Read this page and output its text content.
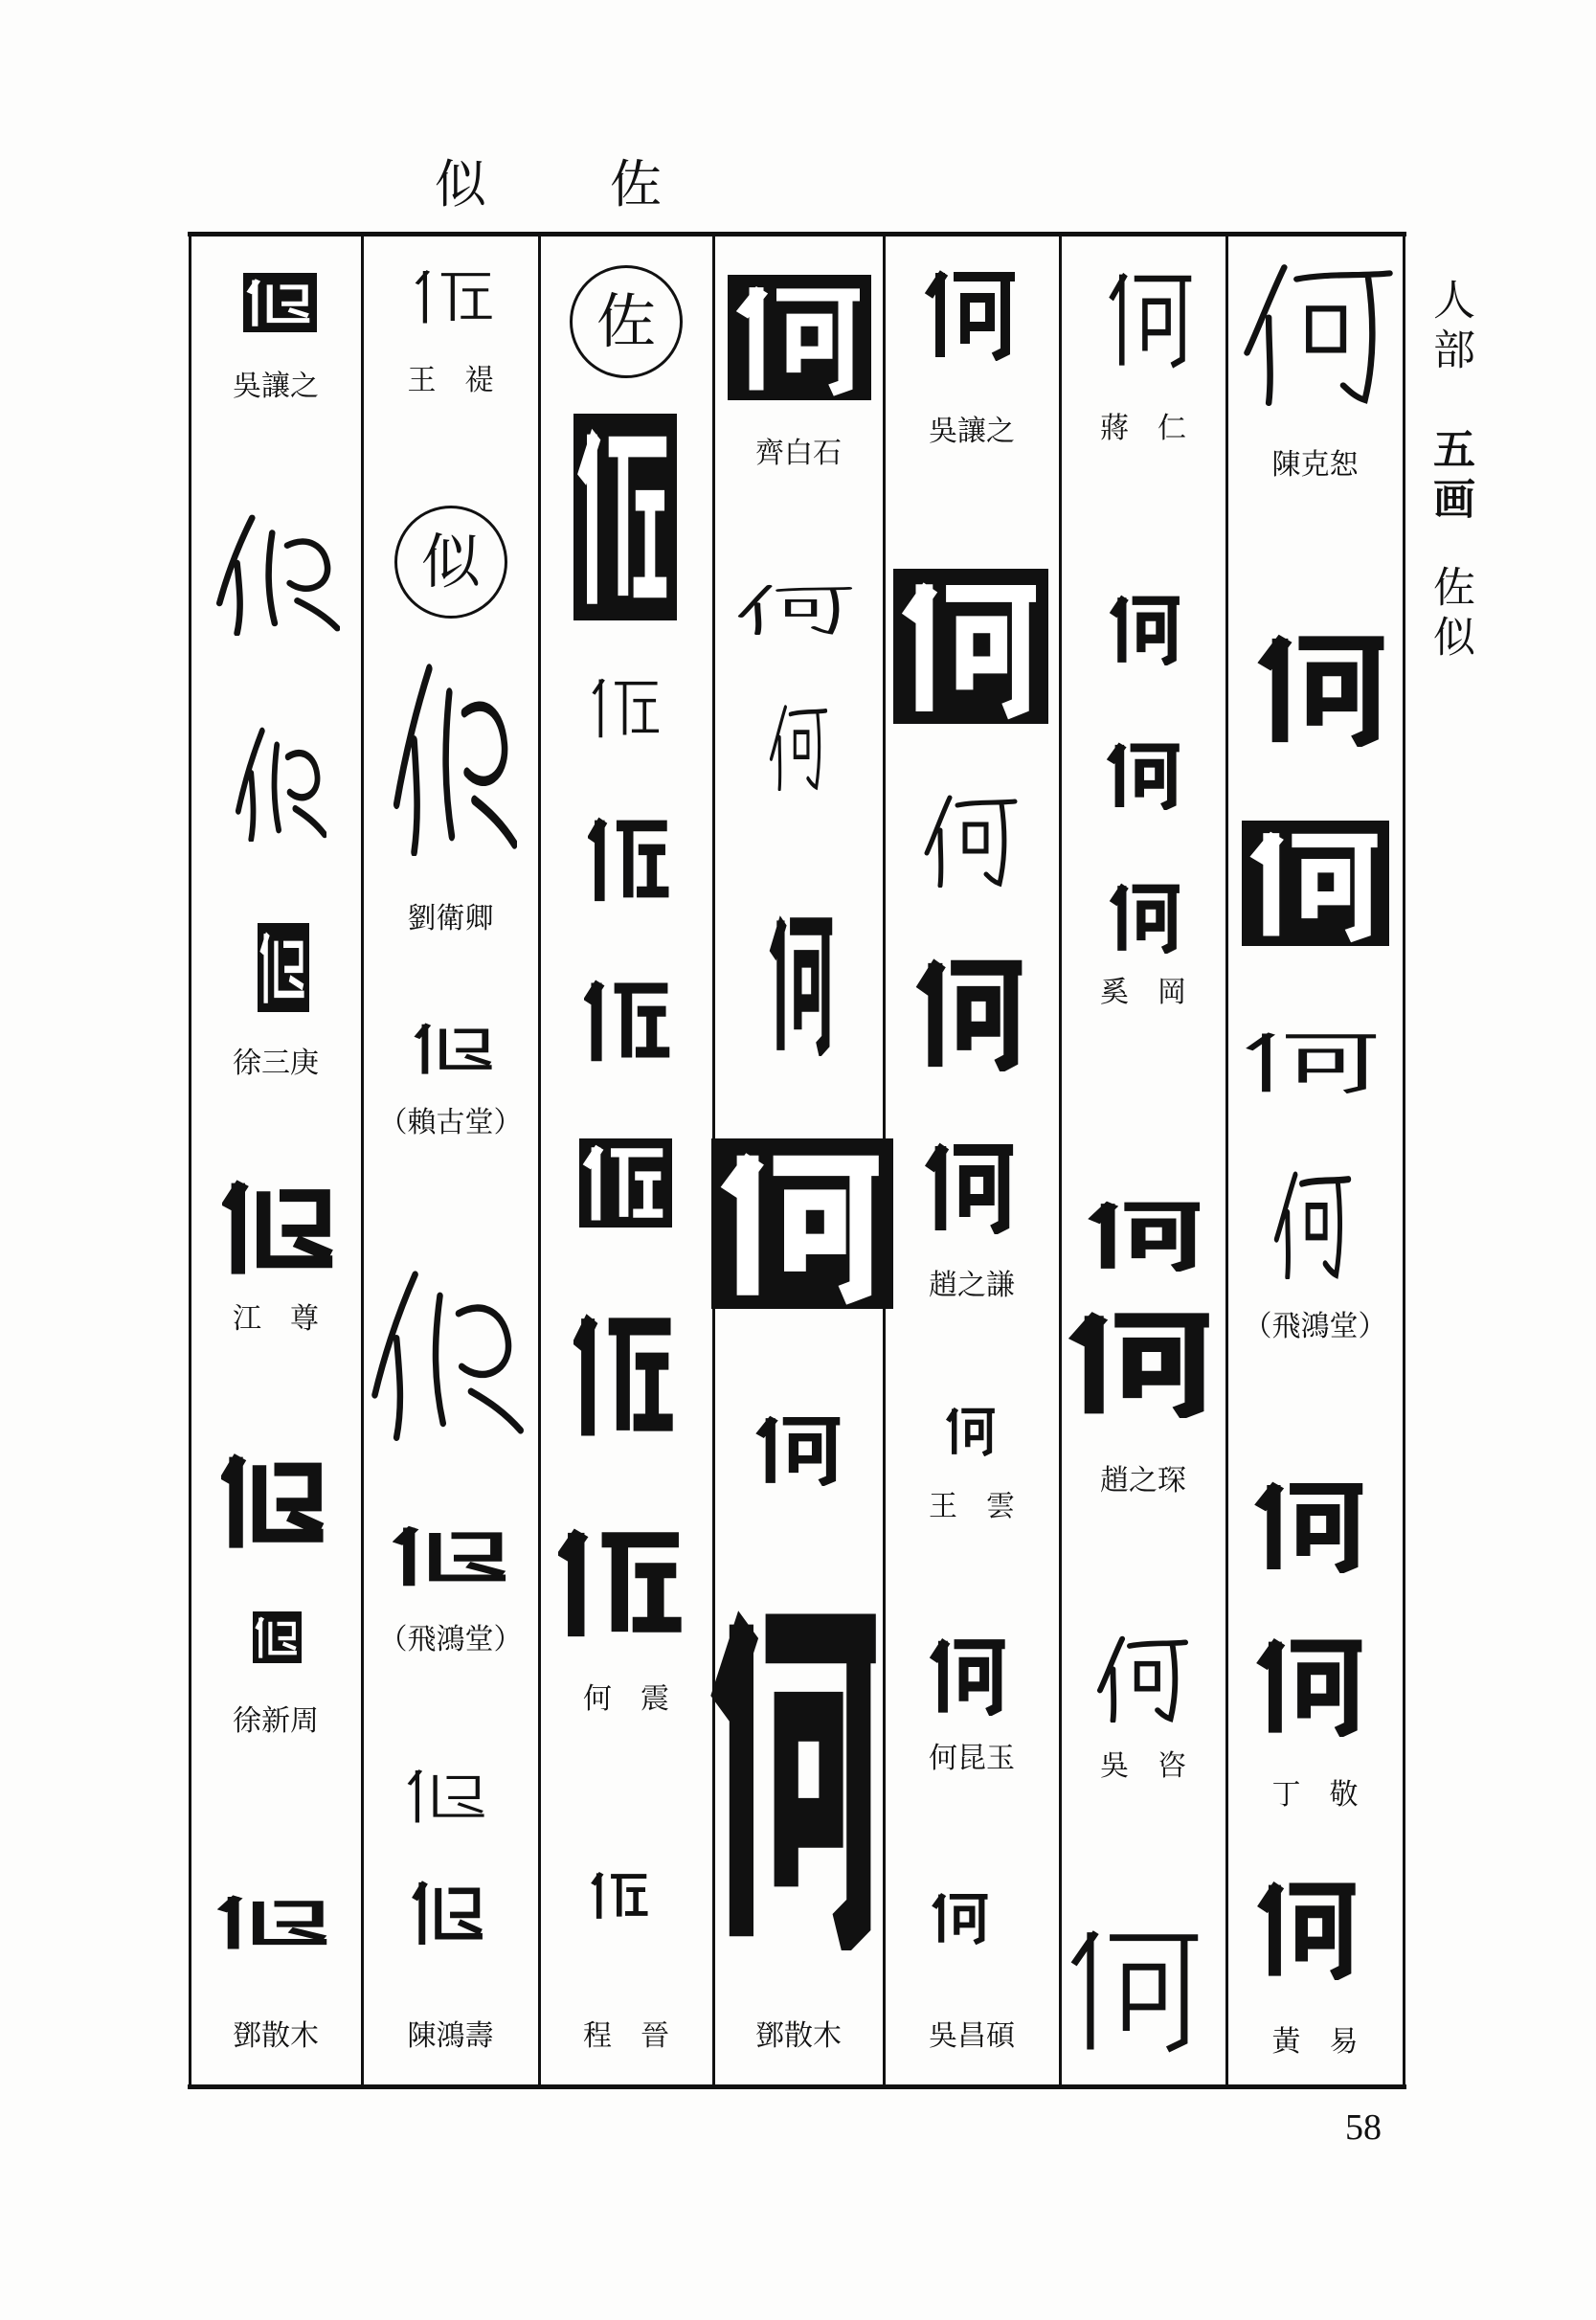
似 佐
人部
五画
佐似
吳讓之
徐三庚
江　尊
徐新周
鄧散木
王　禔
似
劉衛卿
（賴古堂）
（飛鴻堂）
陳鴻壽
佐
何　震
程　晉
齊白石
鄧散木
吳讓之
趙之謙
王　雲
何昆玉
吳昌碩
蔣　仁
奚　岡
趙之琛
吳　咨
陳克恕
（飛鴻堂）
丁　敬
黃　易
58
